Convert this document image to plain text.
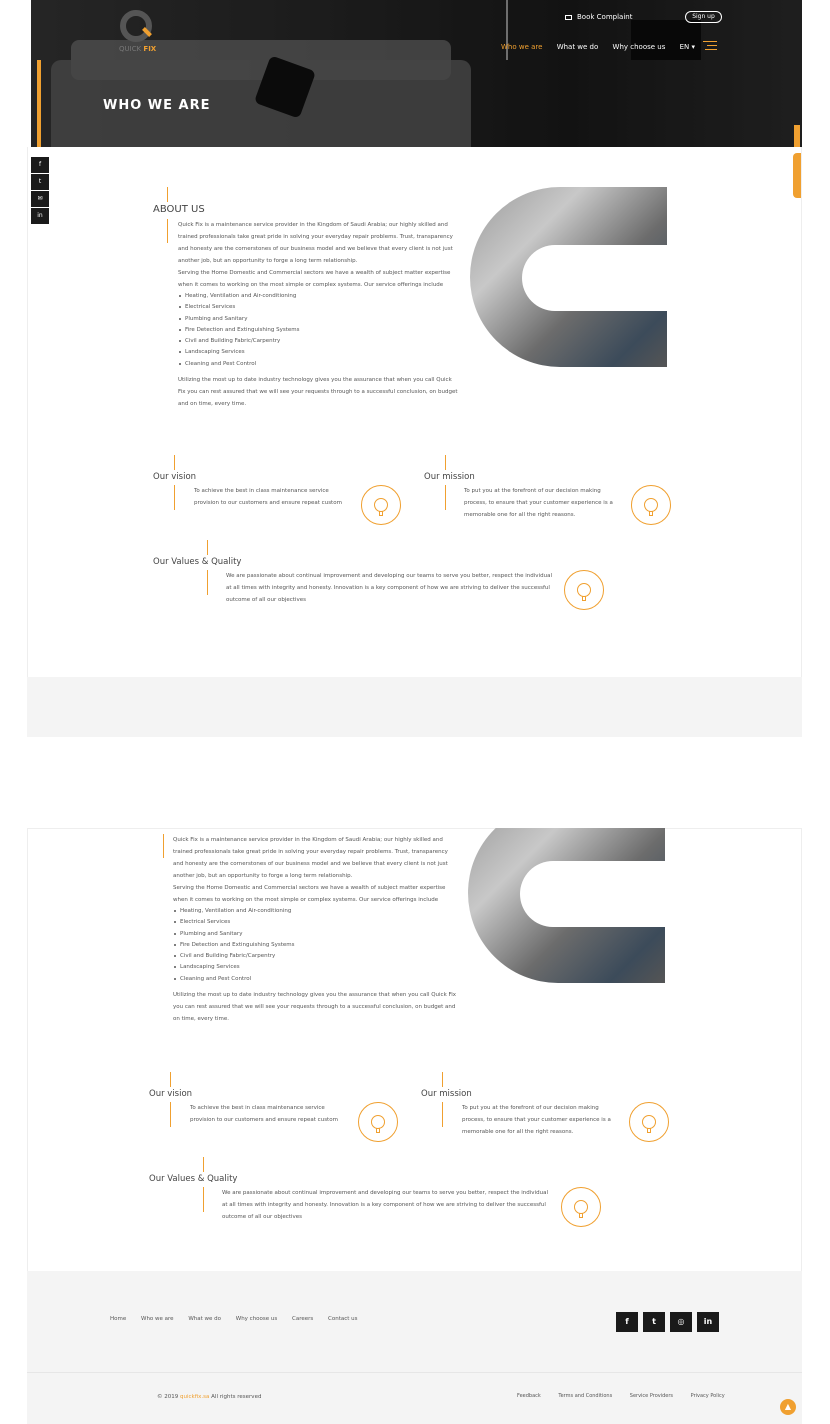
QUICK FIX
Book Complaint	Sign up
Who we are What we do Why choose us EN ▾
WHO WE ARE
f
t
✉
in
Feedback
ABOUT US

Quick Fix is a maintenance service provider in the Kingdom of Saudi Arabia; our highly skilled and trained professionals take great pride in solving your everyday repair problems. Trust, transparency and honesty are the cornerstones of our business model and we believe that every client is not just another job, but an opportunity to forge a long term relationship.

Serving the Home Domestic and Commercial sectors we have a wealth of subject matter expertise when it comes to working on the most simple or complex systems. Our service offerings include

Heating, Ventilation and Air-conditioning
Electrical Services
Plumbing and Sanitary
Fire Detection and Extinguishing Systems
Civil and Building Fabric/Carpentry
Landscaping Services
Cleaning and Pest Control

Utilizing the most up to date industry technology gives you the assurance that when you call Quick Fix you can rest assured that we will see your requests through to a successful conclusion, on budget and on time, every time.

Our vision
To achieve the best in class maintenance service provision to our customers and ensure repeat custom
Our mission
To put you at the forefront of our decision making process, to ensure that your customer experience is a memorable one for all the right reasons.
Our Values & Quality
We are passionate about continual improvement and developing our teams to serve you better, respect the individual at all times with integrity and honesty. Innovation is a key component of how we are striving to deliver the successful outcome of all our objectives

Quick Fix is a maintenance service provider in the Kingdom of Saudi Arabia; our highly skilled and trained professionals take great pride in solving your everyday repair problems. Trust, transparency and honesty are the cornerstones of our business model and we believe that every client is not just another job, but an opportunity to forge a long term relationship.

Serving the Home Domestic and Commercial sectors we have a wealth of subject matter expertise when it comes to working on the most simple or complex systems. Our service offerings include

Heating, Ventilation and Air-conditioning
Electrical Services
Plumbing and Sanitary
Fire Detection and Extinguishing Systems
Civil and Building Fabric/Carpentry
Landscaping Services
Cleaning and Pest Control

Utilizing the most up to date industry technology gives you the assurance that when you call Quick Fix you can rest assured that we will see your requests through to a successful conclusion, on budget and on time, every time.

Our vision
To achieve the best in class maintenance service provision to our customers and ensure repeat custom
Our mission
To put you at the forefront of our decision making process, to ensure that your customer experience is a memorable one for all the right reasons.
Our Values & Quality
We are passionate about continual improvement and developing our teams to serve you better, respect the individual at all times with integrity and honesty. Innovation is a key component of how we are striving to deliver the successful outcome of all our objectives
Home	Who we are	What we do	Why choose us	Careers	Contact us	f	t	◎	in
© 2019 quickfix.sa All rights reserved	Feedback	Terms and Conditions	Service Providers	Privacy Policy
▲
